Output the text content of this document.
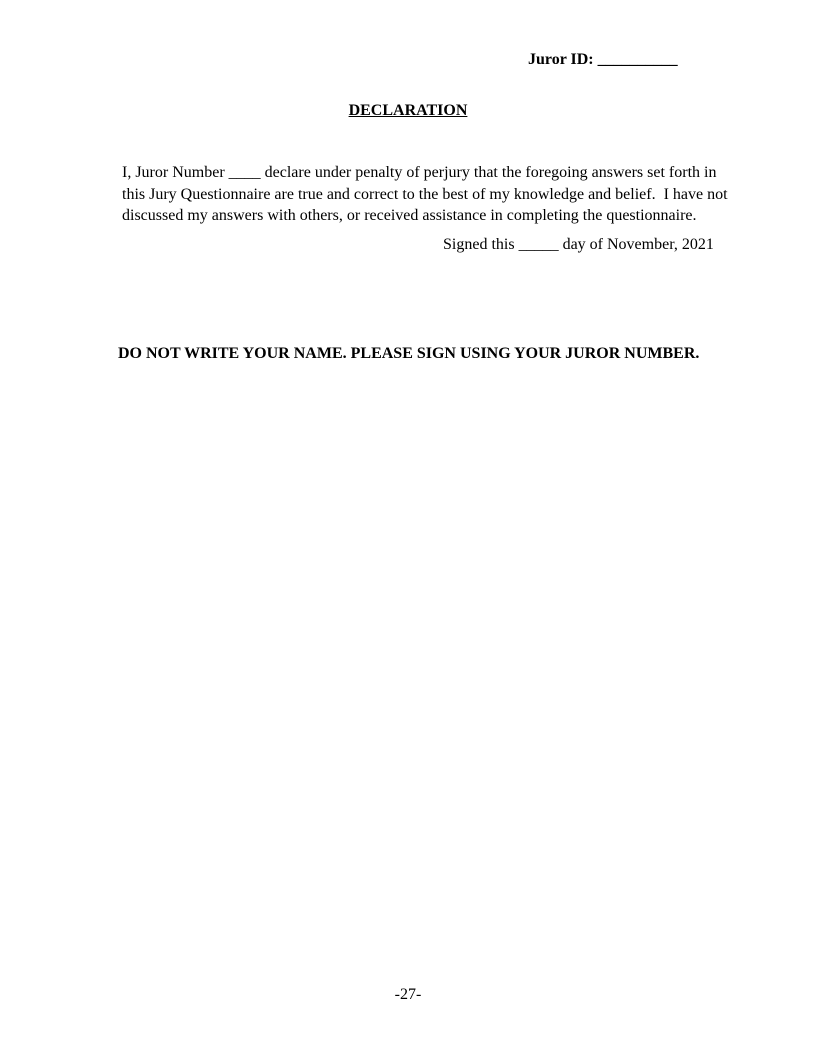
Juror ID: __________
DECLARATION
I, Juror Number ____ declare under penalty of perjury that the foregoing answers set forth in
this Jury Questionnaire are true and correct to the best of my knowledge and belief.  I have not
discussed my answers with others, or received assistance in completing the questionnaire.
Signed this _____ day of November, 2021
DO NOT WRITE YOUR NAME. PLEASE SIGN USING YOUR JUROR NUMBER.
-27-
